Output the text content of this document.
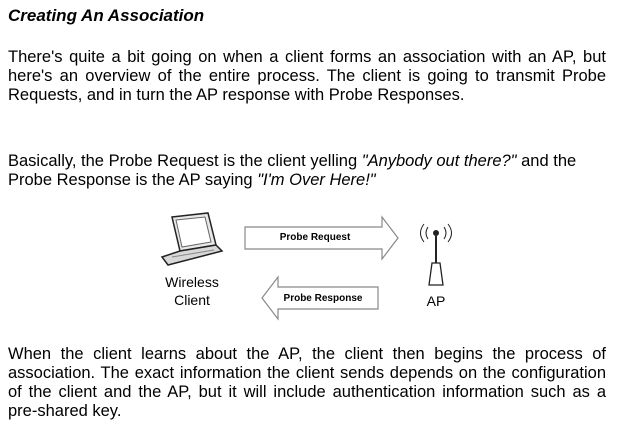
Creating An Association
There's quite a bit going on when a client forms an association with an AP, but here's an overview of the entire process. The client is going to transmit Probe Requests, and in turn the AP response with Probe Responses.
Basically, the Probe Request is the client yelling "Anybody out there?" and the Probe Response is the AP saying "I'm Over Here!"
Wireless
Client	AP
Probe Request
Probe Response
When the client learns about the AP, the client then begins the process of association. The exact information the client sends depends on the configuration of the client and the AP, but it will include authentication information such as a pre-shared key.
